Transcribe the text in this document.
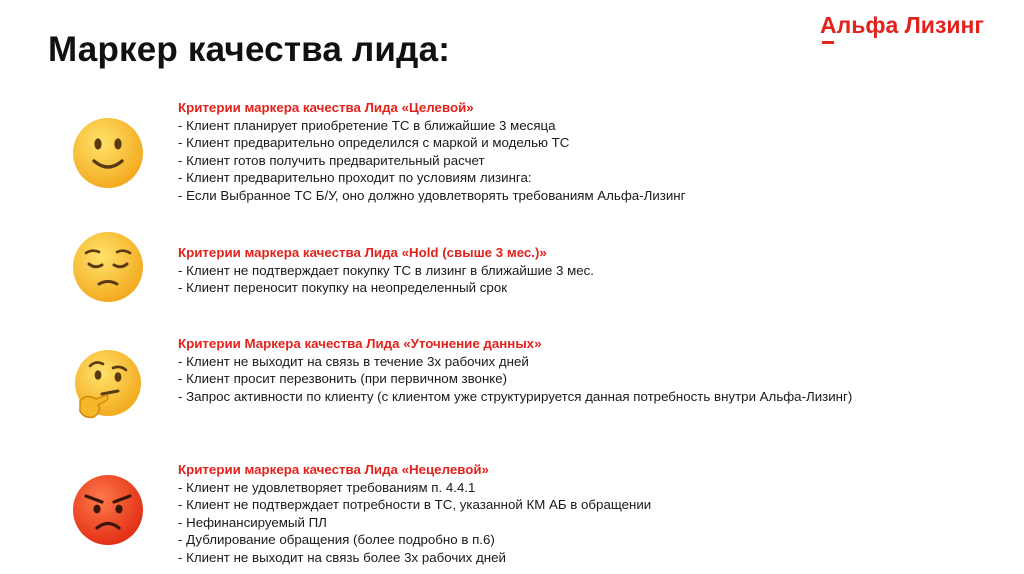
Маркер качества лида:
Альфа Лизинг
Критерии маркера качества Лида «Целевой»
- Клиент планирует приобретение ТС в ближайшие 3 месяца
- Клиент предварительно определился с маркой и моделью ТС
- Клиент готов получить предварительный расчет
- Клиент предварительно проходит по условиям лизинга:
- Если Выбранное ТС Б/У, оно должно удовлетворять требованиям Альфа-Лизинг
Критерии маркера качества Лида «Hold (свыше 3 мес.)»
- Клиент не подтверждает покупку ТС в лизинг в ближайшие 3 мес.
- Клиент переносит покупку на неопределенный срок
Критерии Маркера качества Лида «Уточнение данных»
- Клиент не выходит на связь в течение 3х рабочих дней
- Клиент просит перезвонить (при первичном звонке)
- Запрос активности по клиенту (с клиентом уже структурируется данная потребность внутри Альфа-Лизинг)
Критерии маркера качества Лида «Нецелевой»
- Клиент не удовлетворяет требованиям п. 4.4.1
- Клиент не подтверждает потребности в ТС, указанной КМ АБ в обращении
- Нефинансируемый ПЛ
- Дублирование обращения (более подробно в п.6)
- Клиент не выходит на связь более 3х рабочих дней
